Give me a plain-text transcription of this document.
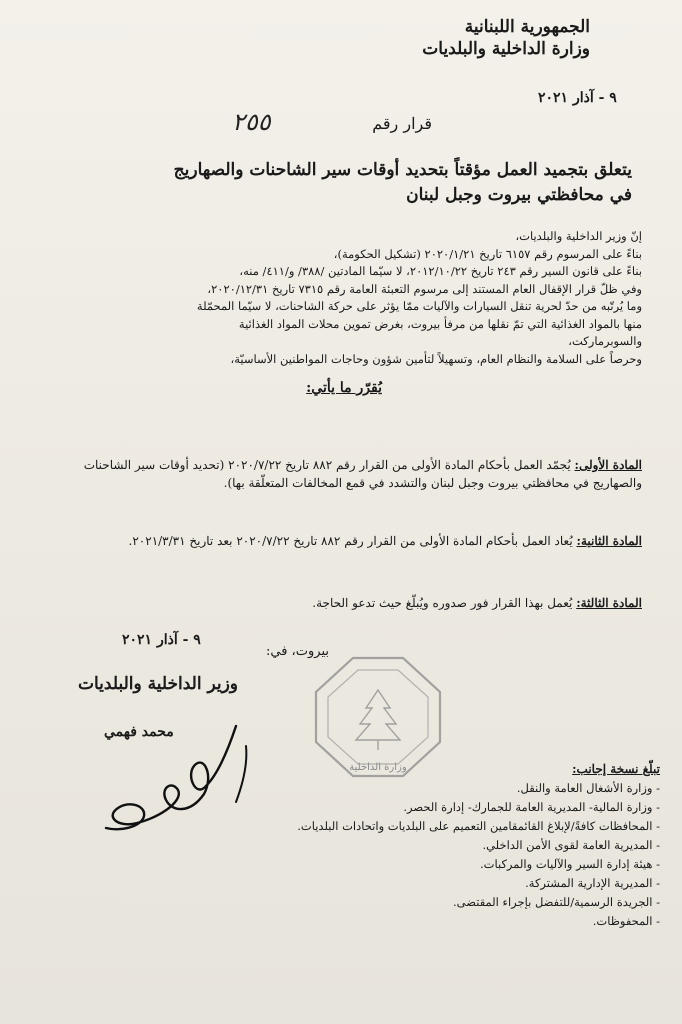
الجمهورية اللبنانية
وزارة الداخلية والبلديات
٩ - آذار ٢٠٢١
قرار رقم
٢٥٥
يتعلق بتجميد العمل مؤقتاً بتحديد أوقات سير الشاحنات والصهاريج
في محافظتي بيروت وجبل لبنان

إنّ وزير الداخلية والبلديات،

بناءً على المرسوم رقم ٦١٥٧ تاريخ ٢٠٢٠/١/٢١ (تشكيل الحكومة)،

بناءً على قانون السير رقم ٢٤٣ تاريخ ٢٠١٢/١٠/٢٢، لا سيّما المادتين /٣٨٨/ و/٤١١/ منه،

وفي ظلّ قرار الإقفال العام المستند إلى مرسوم التعبئة العامة رقم ٧٣١٥ تاريخ ٢٠٢٠/١٢/٣١،

وما يُرتّبه من حدّ لحرية تنقل السيارات والآليات ممّا يؤثر على حركة الشاحنات، لا سيّما المحمّلة

منها بالمواد الغذائية التي تمّ نقلها من مرفأ بيروت، بغرض تموين محلات المواد الغذائية

والسوبرماركت،

وحرصاً على السلامة والنظام العام، وتسهيلاً لتأمين شؤون وحاجات المواطنين الأساسيّة،

يُقرّر ما يأتي:
المادة الأولى: يُجمّد العمل بأحكام المادة الأولى من القرار رقم ٨٨٢ تاريخ ٢٠٢٠/٧/٢٢ (تحديد أوقات سير الشاحنات والصهاريج في محافظتي بيروت وجبل لبنان والتشدد في قمع المخالفات المتعلّقة بها).
المادة الثانية: يُعاد العمل بأحكام المادة الأولى من القرار رقم ٨٨٢ تاريخ ٢٠٢٠/٧/٢٢ بعد تاريخ ٢٠٢١/٣/٣١.
المادة الثالثة: يُعمل بهذا القرار فور صدوره ويُبلّغ حيث تدعو الحاجة.
٩ - آذار ٢٠٢١
بيروت، في:
وزير الداخلية والبلديات
محمد فهمي
وزارة الداخلية	تبلّغ نسخة إجانب:
- وزارة الأشغال العامة والنقل.
- وزارة المالية- المديرية العامة للجمارك- إدارة الحصر.
- المحافظات كافةً/لإبلاغ القائمقامين التعميم على البلديات واتحادات البلديات.
- المديرية العامة لقوى الأمن الداخلي.
- هيئة إدارة السير والآليات والمركبات.
- المديرية الإدارية المشتركة.
- الجريدة الرسمية/للتفضل بإجراء المقتضى.
- المحفوظات.
